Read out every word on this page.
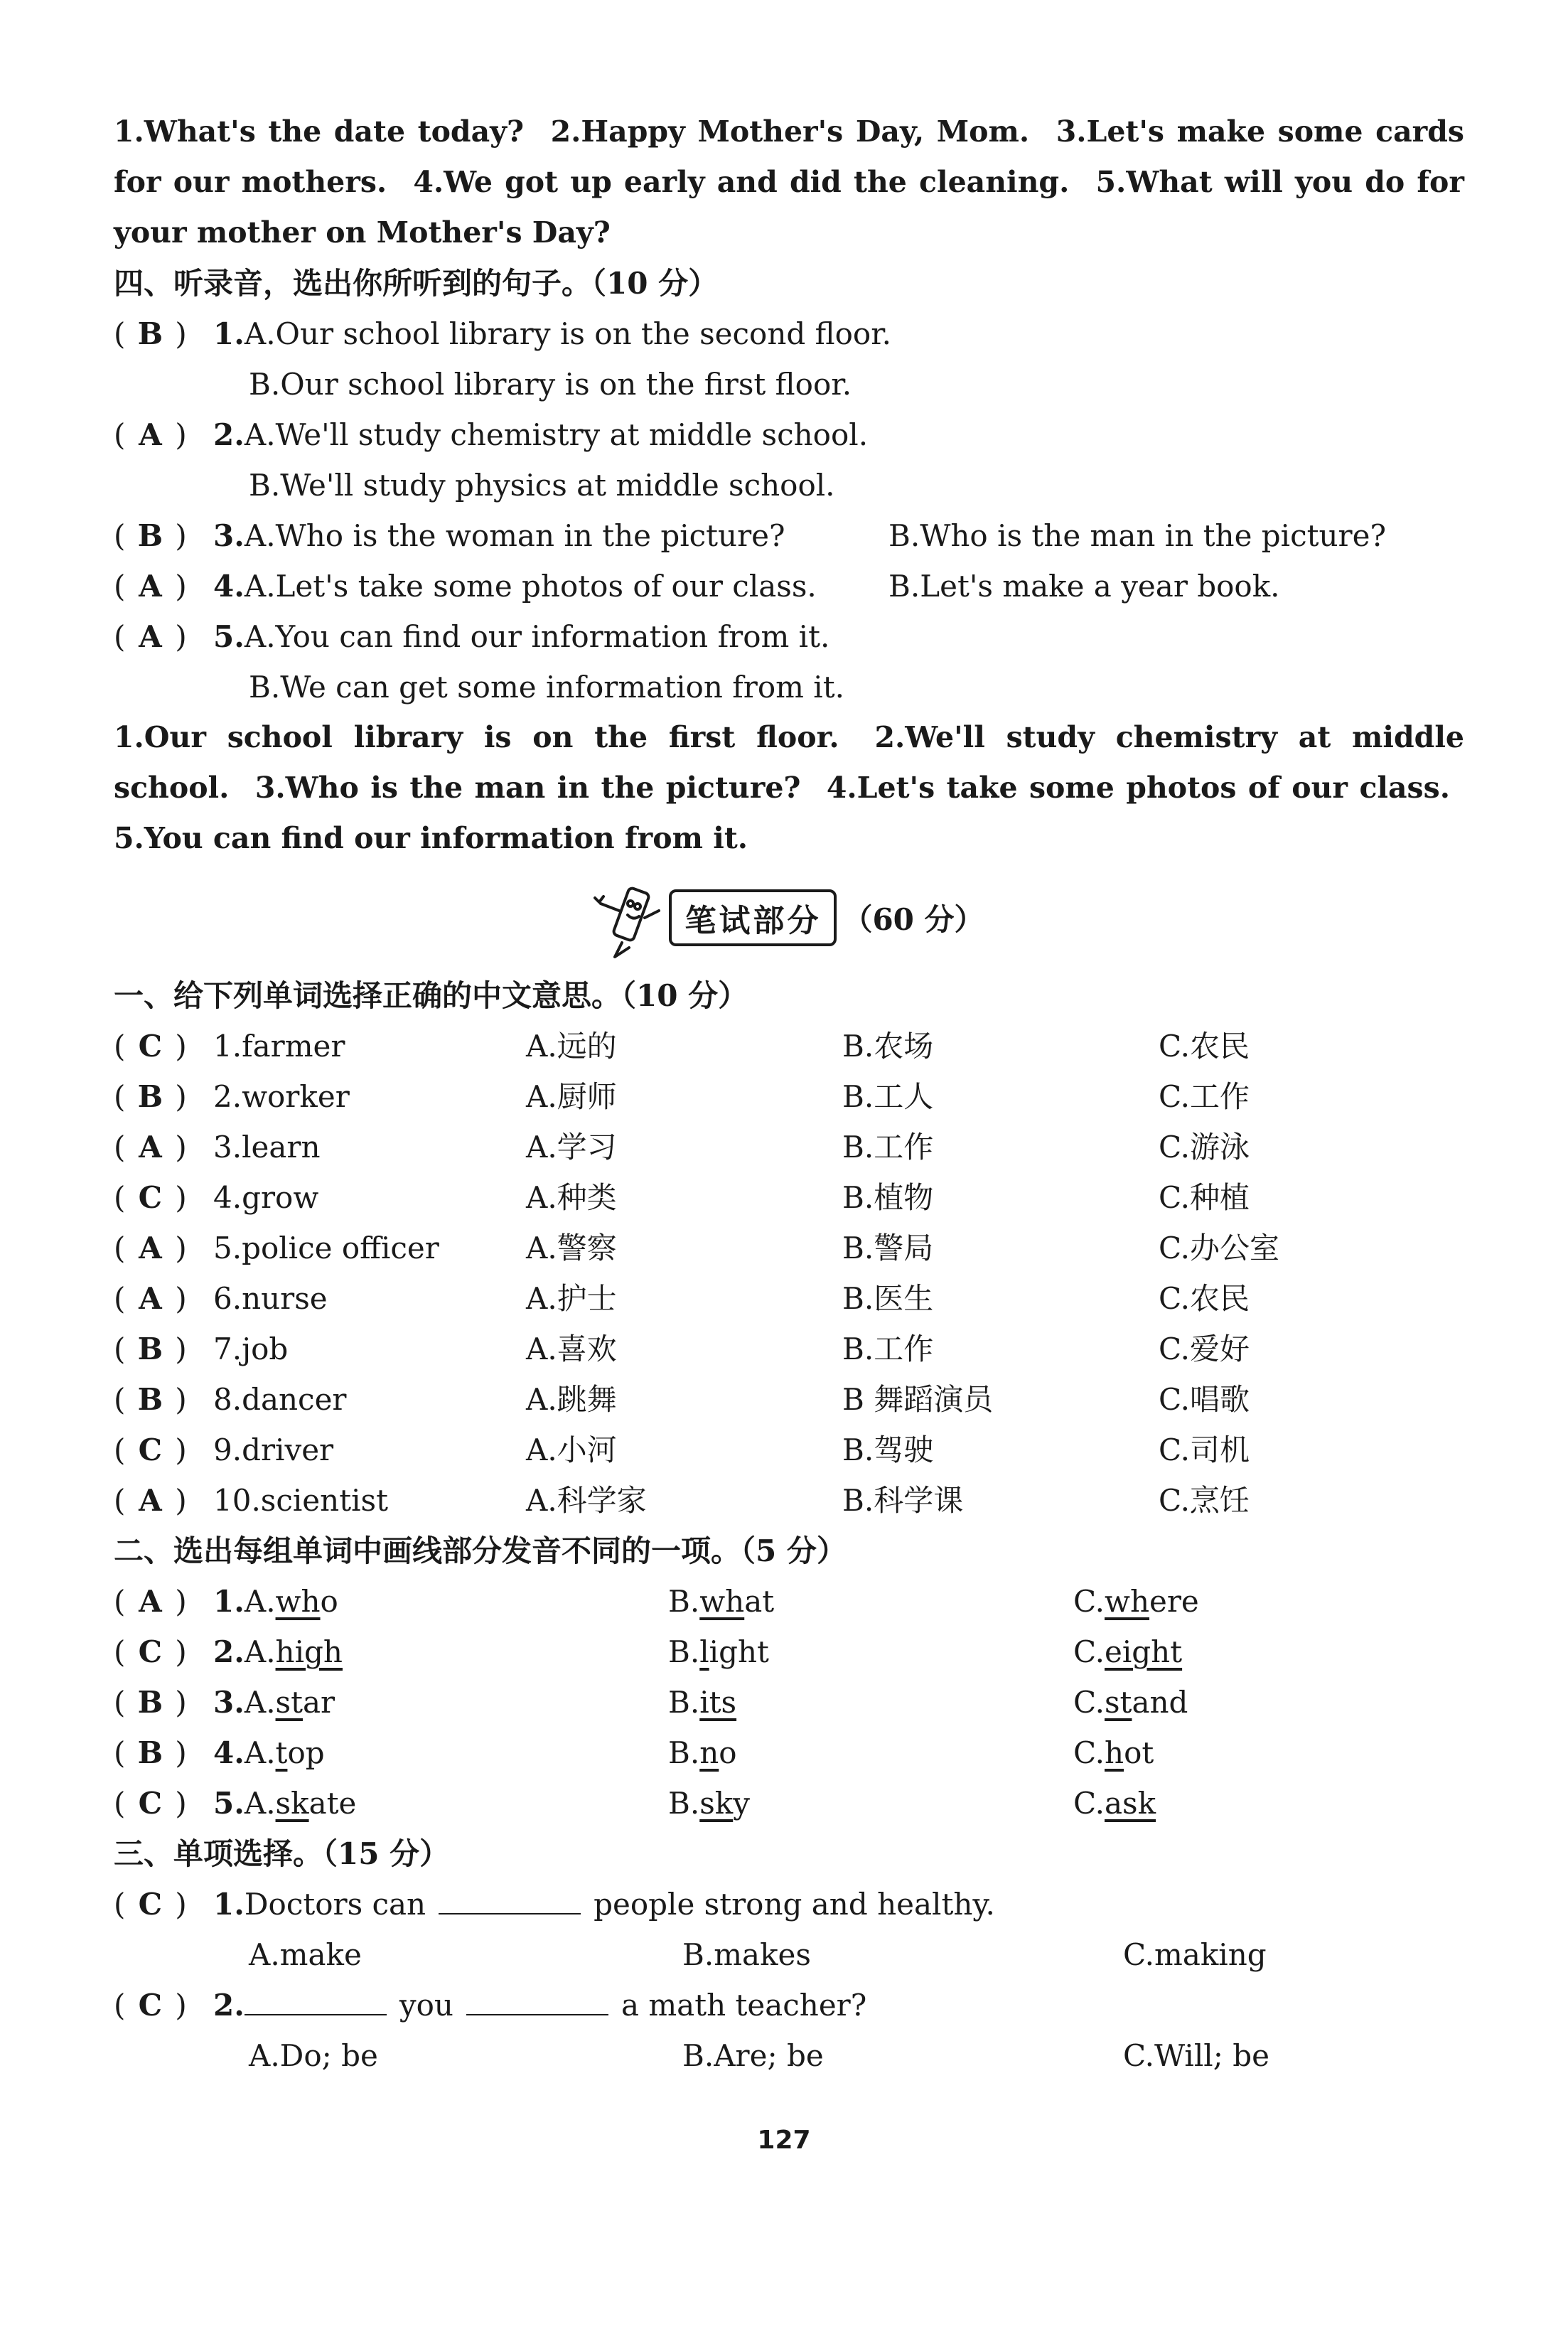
1.What's the date today? 2.Happy Mother's Day, Mom. 3.Let's make some cards for our mothers. 4.We got up early and did the cleaning. 5.What will you do for your mother on Mother's Day?
四、听录音，选出你所听到的句子。（10 分）
( B ) 1.A.Our school library is on the second floor.
B.Our school library is on the first floor.
( A ) 2.A.We'll study chemistry at middle school.
B.We'll study physics at middle school.
( B ) 3.A.Who is the woman in the picture?	B.Who is the man in the picture?
( A ) 4.A.Let's take some photos of our class.	B.Let's make a year book.
( A ) 5.A.You can find our information from it.
B.We can get some information from it.
1.Our school library is on the first floor. 2.We'll study chemistry at middle school. 3.Who is the man in the picture? 4.Let's take some photos of our class. 5.You can find our information from it.
笔试部分 （60 分）
一、给下列单词选择正确的中文意思。（10 分）
( C ) 1.farmer	A.远的	B.农场	C.农民
( B ) 2.worker	A.厨师	B.工人	C.工作
( A ) 3.learn	A.学习	B.工作	C.游泳
( C ) 4.grow	A.种类	B.植物	C.种植
( A ) 5.police officer	A.警察	B.警局	C.办公室
( A ) 6.nurse	A.护士	B.医生	C.农民
( B ) 7.job	A.喜欢	B.工作	C.爱好
( B ) 8.dancer	A.跳舞	B 舞蹈演员	C.唱歌
( C ) 9.driver	A.小河	B.驾驶	C.司机
( A ) 10.scientist	A.科学家	B.科学课	C.烹饪
二、选出每组单词中画线部分发音不同的一项。（5 分）
( A ) 1.A.who	B.what	C.where
( C ) 2.A.high	B.light	C.eight
( B ) 3.A.star	B.its	C.stand
( B ) 4.A.top	B.no	C.hot
( C ) 5.A.skate	B.sky	C.ask
三、单项选择。（15 分）
( C ) 1.Doctors can	people strong and healthy.
A.make	B.makes	C.making
( C ) 2.	you	a math teacher?
A.Do; be	B.Are; be	C.Will; be
127
